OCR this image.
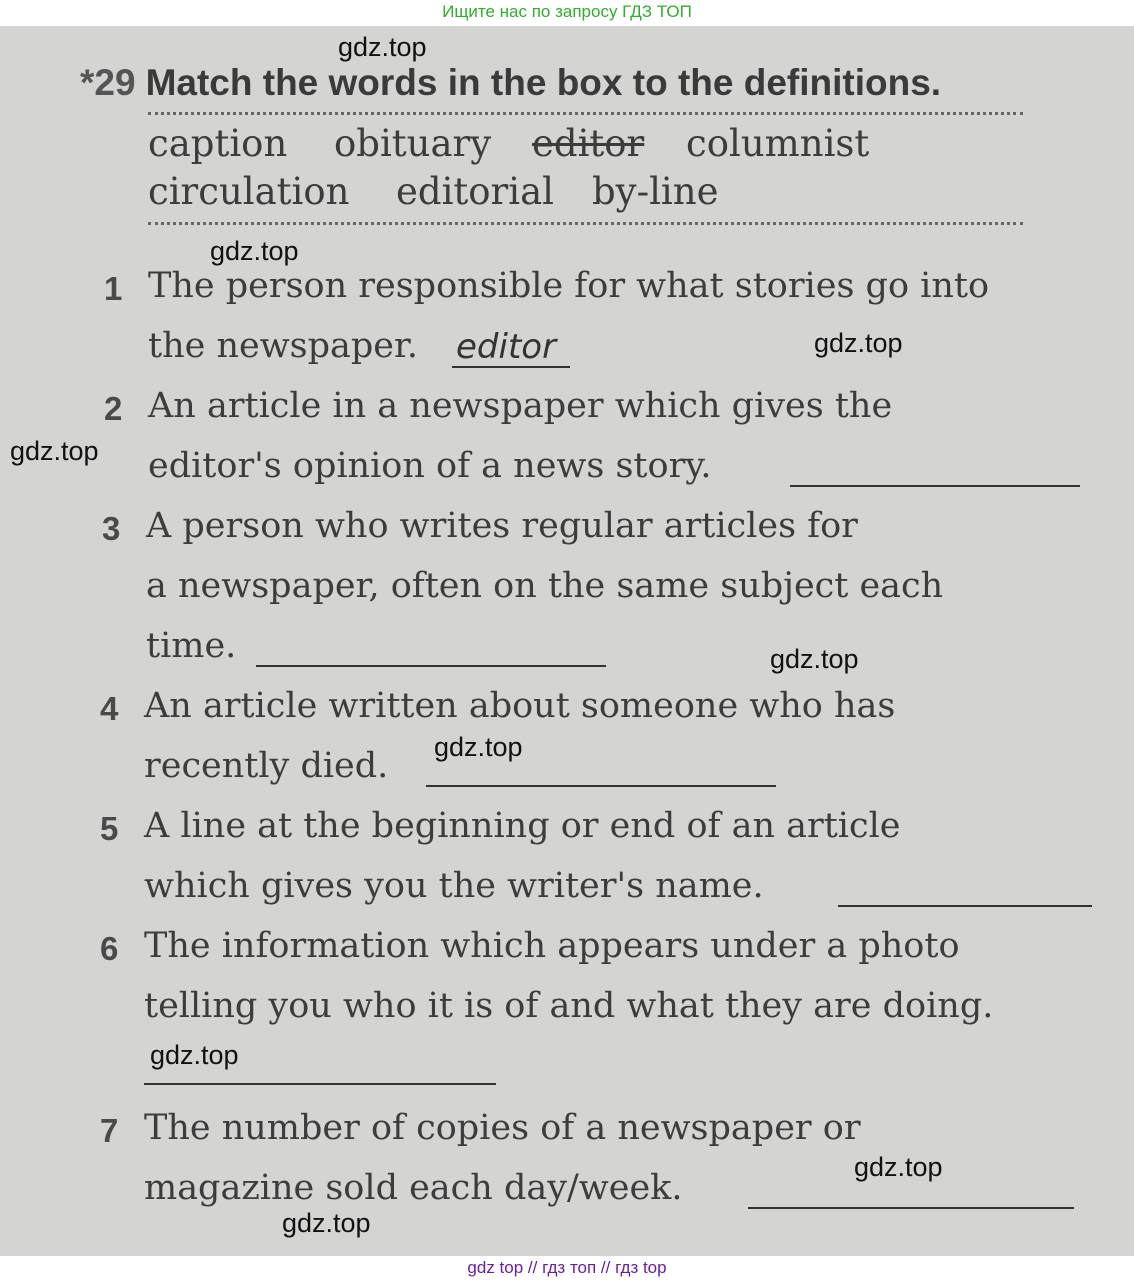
Ищите нас по запросу ГДЗ ТОП
*29 Match the words in the box to the definitions.
caption obituary editor columnist
circulation editorial by-line
1 The person responsible for what stories go into
the newspaper. editor
2 An article in a newspaper which gives the
editor's opinion of a news story.
3 A person who writes regular articles for
a newspaper, often on the same subject each
time.
4 An article written about someone who has
recently died.
5 A line at the beginning or end of an article
which gives you the writer's name.
6 The information which appears under a photo
telling you who it is of and what they are doing.
7 The number of copies of a newspaper or
magazine sold each day/week.
gdz.top
gdz.top
gdz.top
gdz.top
gdz.top
gdz.top
gdz.top
gdz.top
gdz.top
gdz top // гдз топ // гдз top
